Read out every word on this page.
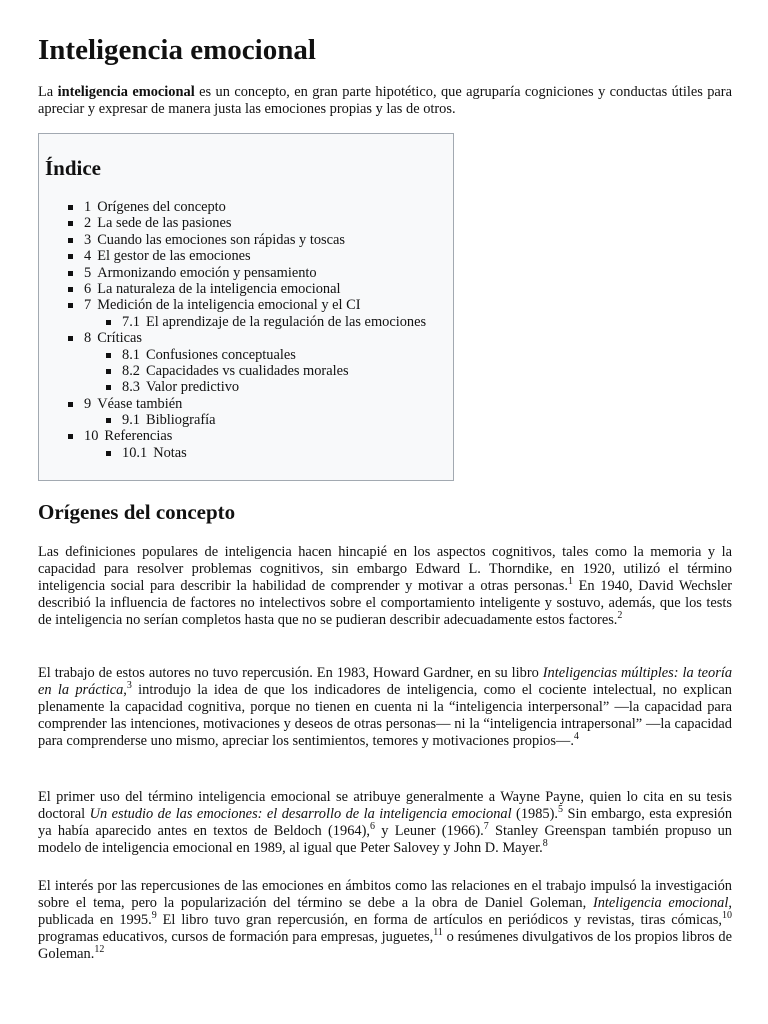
Inteligencia emocional

La inteligencia emocional es un concepto, en gran parte hipotético, que agruparía cogniciones y conductas útiles para apreciar y expresar de manera justa las emociones propias y las de otros.

Índice
1 Orígenes del concepto
2 La sede de las pasiones
3 Cuando las emociones son rápidas y toscas
4 El gestor de las emociones
5 Armonizando emoción y pensamiento
6 La naturaleza de la inteligencia emocional
7 Medición de la inteligencia emocional y el CI
7.1 El aprendizaje de la regulación de las emociones
8 Críticas
8.1 Confusiones conceptuales
8.2 Capacidades vs cualidades morales
8.3 Valor predictivo
9 Véase también
9.1 Bibliografía
10 Referencias
10.1 Notas
Orígenes del concepto

Las definiciones populares de inteligencia hacen hincapié en los aspectos cognitivos, tales como la memoria y la capacidad para resolver problemas cognitivos, sin embargo Edward L. Thorndike, en 1920, utilizó el término inteligencia social para describir la habilidad de comprender y motivar a otras personas.$^1$ En 1940, David Wechsler describió la influencia de factores no intelectivos sobre el comportamiento inteligente y sostuvo, además, que los tests de inteligencia no serían completos hasta que no se pudieran describir adecuadamente estos factores.$^2$

El trabajo de estos autores no tuvo repercusión. En 1983, Howard Gardner, en su libro Inteligencias múltiples: la teoría en la práctica,$^3$ introdujo la idea de que los indicadores de inteligencia, como el cociente intelectual, no explican plenamente la capacidad cognitiva, porque no tienen en cuenta ni la “inteligencia interpersonal” —la capacidad para comprender las intenciones, motivaciones y deseos de otras personas— ni la “inteligencia intrapersonal” —la capacidad para comprenderse uno mismo, apreciar los sentimientos, temores y motivaciones propios—.$^4$

El primer uso del término inteligencia emocional se atribuye generalmente a Wayne Payne, quien lo cita en su tesis doctoral Un estudio de las emociones: el desarrollo de la inteligencia emocional (1985).$^5$ Sin embargo, esta expresión ya había aparecido antes en textos de Beldoch (1964),$^6$ y Leuner (1966).$^7$ Stanley Greenspan también propuso un modelo de inteligencia emocional en 1989, al igual que Peter Salovey y John D. Mayer.$^8$

El interés por las repercusiones de las emociones en ámbitos como las relaciones en el trabajo impulsó la investigación sobre el tema, pero la popularización del término se debe a la obra de Daniel Goleman, Inteligencia emocional, publicada en 1995.$^9$ El libro tuvo gran repercusión, en forma de artículos en periódicos y revistas, tiras cómicas,$^{10}$ programas educativos, cursos de formación para empresas, juguetes,$^{11}$ o resúmenes divulgativos de los propios libros de Goleman.$^{12}$
